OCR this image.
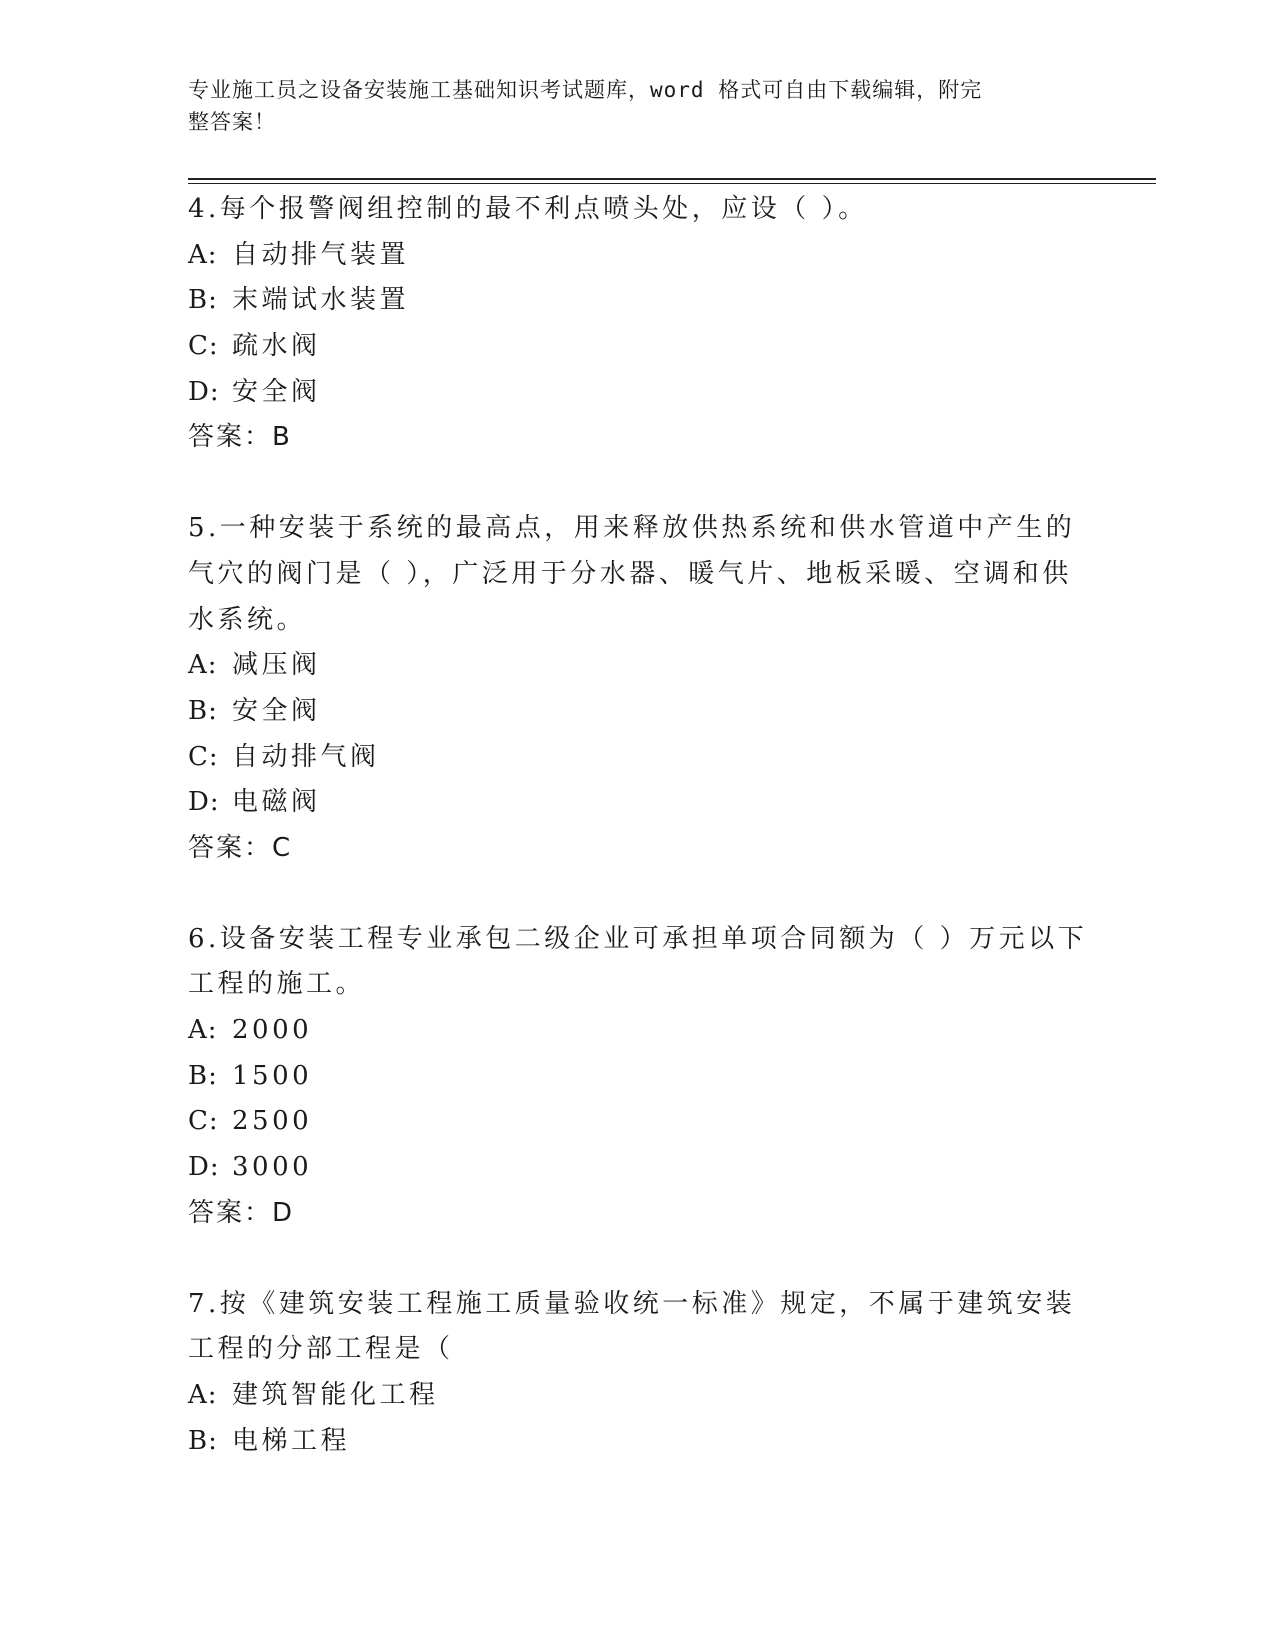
专业施工员之设备安装施工基础知识考试题库，word 格式可自由下载编辑，附完
整答案！
4.每个报警阀组控制的最不利点喷头处，应设（ ）。
A: 自动排气装置
B: 末端试水装置
C: 疏水阀
D: 安全阀
答案：B
5.一种安装于系统的最高点，用来释放供热系统和供水管道中产生的气穴的阀门是（ ），广泛用于分水器、暖气片、地板采暖、空调和供水系统。
A: 减压阀
B: 安全阀
C: 自动排气阀
D: 电磁阀
答案：C
6.设备安装工程专业承包二级企业可承担单项合同额为（ ）万元以下工程的施工。
A: 2000
B: 1500
C: 2500
D: 3000
答案：D
7.按《建筑安装工程施工质量验收统一标准》规定，不属于建筑安装工程的分部工程是（
A: 建筑智能化工程
B: 电梯工程
